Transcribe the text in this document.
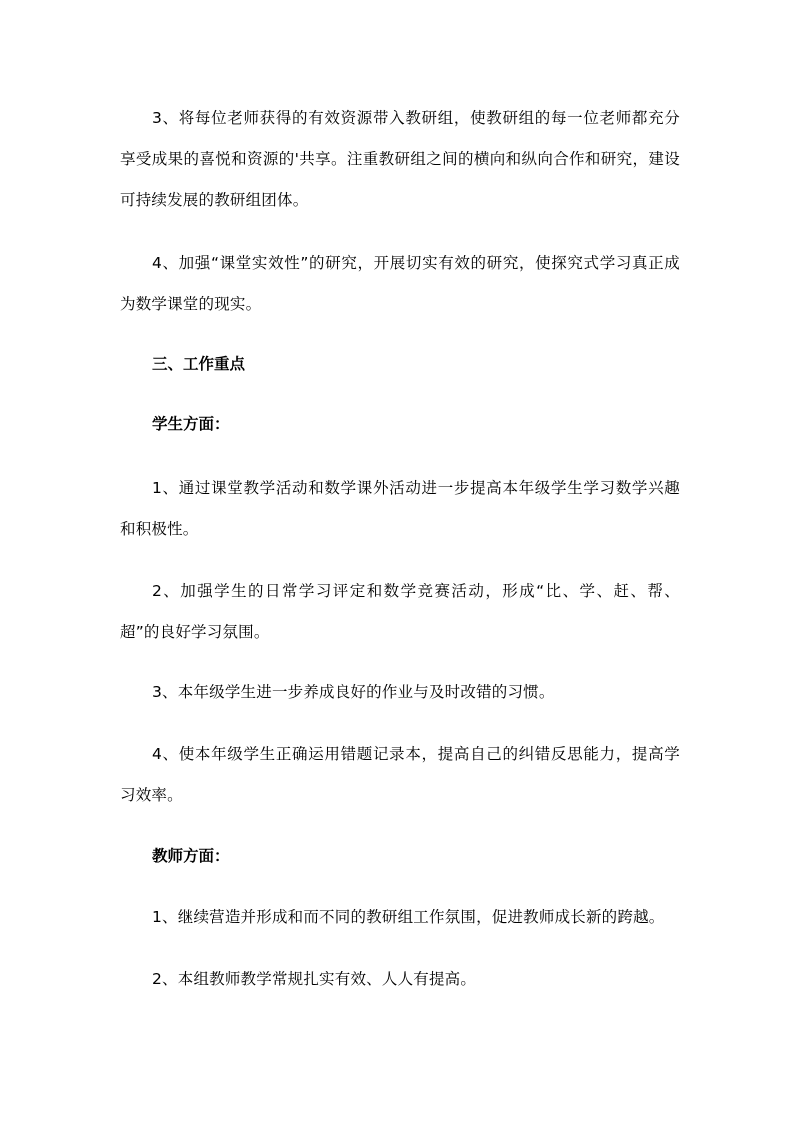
3、将每位老师获得的有效资源带入教研组，使教研组的每一位老师都充分享受成果的喜悦和资源的'共享。注重教研组之间的横向和纵向合作和研究，建设可持续发展的教研组团体。

4、加强“课堂实效性”的研究，开展切实有效的研究，使探究式学习真正成为数学课堂的现实。

三、工作重点
学生方面：

1、通过课堂教学活动和数学课外活动进一步提高本年级学生学习数学兴趣和积极性。

2、加强学生的日常学习评定和数学竞赛活动，形成“比、学、赶、帮、超”的良好学习氛围。

3、本年级学生进一步养成良好的作业与及时改错的习惯。

4、使本年级学生正确运用错题记录本，提高自己的纠错反思能力，提高学习效率。

教师方面：

1、继续营造并形成和而不同的教研组工作氛围，促进教师成长新的跨越。

2、本组教师教学常规扎实有效、人人有提高。
